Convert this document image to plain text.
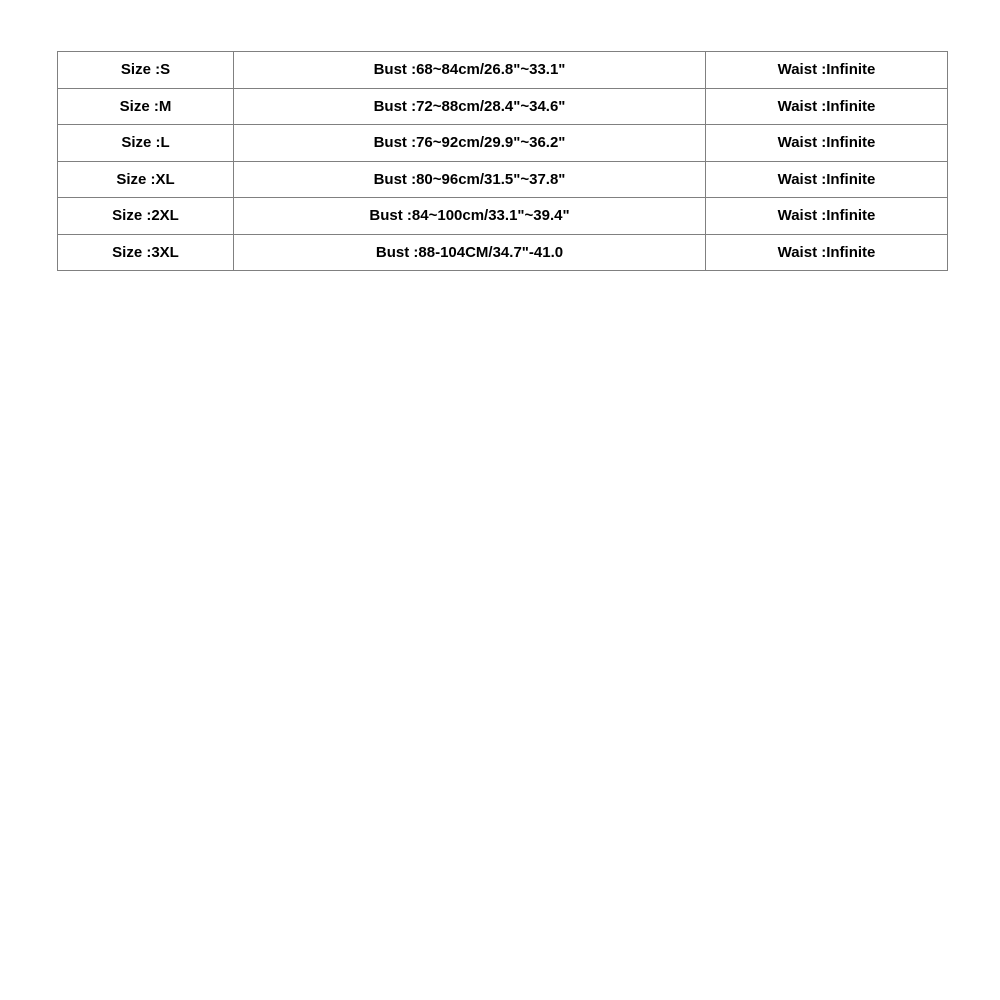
Size :S	Bust :68~84cm/26.8"~33.1"	Waist :Infinite
Size :M	Bust :72~88cm/28.4"~34.6"	Waist :Infinite
Size :L	Bust :76~92cm/29.9"~36.2"	Waist :Infinite
Size :XL	Bust :80~96cm/31.5"~37.8"	Waist :Infinite
Size :2XL	Bust :84~100cm/33.1"~39.4"	Waist :Infinite
Size :3XL	Bust :88-104CM/34.7"-41.0	Waist :Infinite
